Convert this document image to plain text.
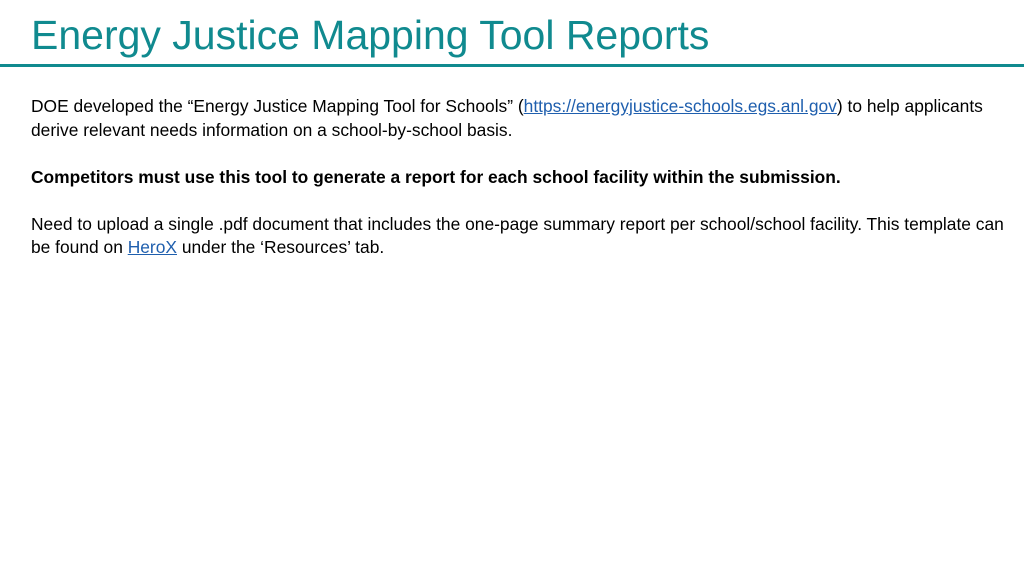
Energy Justice Mapping Tool Reports

DOE developed the “Energy Justice Mapping Tool for Schools” (https://energyjustice-schools.egs.anl.gov) to help applicants derive relevant needs information on a school-by-school basis.

Competitors must use this tool to generate a report for each school facility within the submission.

Need to upload a single .pdf document that includes the one-page summary report per school/school facility. This template can be found on HeroX under the ‘Resources’ tab.
